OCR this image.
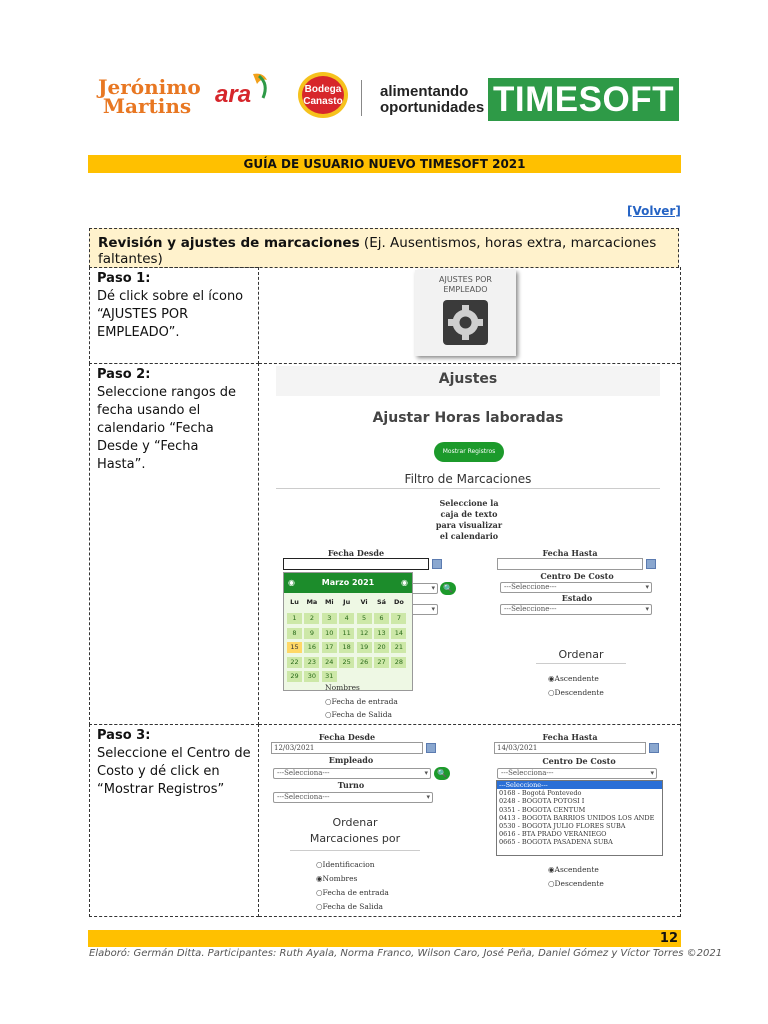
Jerónimo Martins ara	Bodega
Canasto
alimentando oportunidades TIMESOFT
GUÍA DE USUARIO NUEVO TIMESOFT 2021
[Volver]
Revisión y ajustes de marcaciones (Ej. Ausentismos, horas extra, marcaciones faltantes)
Paso 1:
Dé click sobre el ícono “AJUSTES POR EMPLEADO”.
Paso 2:
Seleccione rangos de fecha usando el calendario “Fecha Desde y “Fecha Hasta”.
Paso 3:
Seleccione el Centro de Costo y dé click en “Mostrar Registros”
AJUSTES POR EMPLEADO
Ajustes
Ajustar Horas laboradas
Mostrar Registros
Filtro de Marcaciones
Seleccione la caja de texto para visualizar el calendario
Fecha Desde	Fecha Hasta
Centro De Costo
---Seleccione---	▾
Estado
---Seleccione---	▾
▾	🔍
▾
◉	Marzo 2021	◉
Lu	Ma	Mi	Ju	Vi	Sá	Do
1	2	3	4	5	6	7
8	9	10	11	12	13	14
15	16	17	18	19	20	21
22	23	24	25	26	27	28
29	30	31
Ordenar
◉Ascendente
○Descendente
Nombres
○Fecha de entrada
○Fecha de Salida
Fecha Desde
12/03/2021
Fecha Hasta
14/03/2021
Empleado
---Selecciona---	▾	🔍
Turno
---Selecciona---	▾
Centro De Costo
---Selecciona---	▾
---Seleccione---
0168 - Bogotá Pontevedo
0248 - BOGOTA POTOSI I
0351 - BOGOTA CENTUM
0413 - BOGOTA BARRIOS UNIDOS LOS ANDE
0530 - BOGOTA JULIO FLORES SUBA
0616 - BTA PRADO VERANIEGO
0665 - BOGOTA PASADENA SUBA
Ordenar
Marcaciones por
○Identificacion
◉Nombres
○Fecha de entrada
○Fecha de Salida
◉Ascendente
○Descendente
12
Elaboró: Germán Ditta. Participantes: Ruth Ayala, Norma Franco, Wilson Caro, José Peña, Daniel Gómez y Víctor Torres ©2021
